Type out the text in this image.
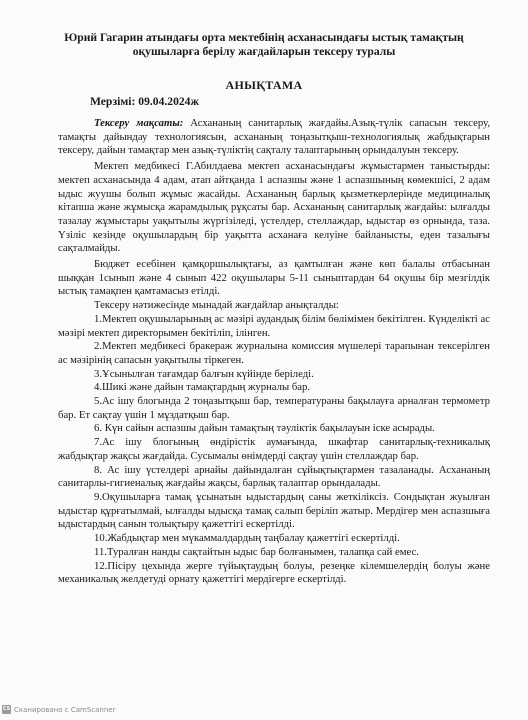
Юрий Гагарин атындағы орта мектебінің асханасындағы ыстық тамақтың оқушыларға берілу жағдайларын тексеру туралы
АНЫҚТАМА
Мерзімі: 09.04.2024ж

Тексеру мақсаты: Асхананың санитарлық жағдайы.Азық-түлік сапасын тексеру, тамақты дайындау технологиясын, асхананың тоңазытқыш-технологиялық жабдықтарын тексеру, дайын тамақтар мен азық-түліктің сақталу талаптарының орындалуын тексеру.

Мектеп медбикесі Г.Абилдаева мектеп асханасындағы жұмыстармен таныстырды: мектеп асханасында 4 адам, атап айтқанда 1 аспазшы және 1 аспазшының көмекшісі, 2 адам ыдыс жуушы болып жұмыс жасайды. Асхананың барлық қызметкерлерінде медициналық кітапша және жұмысқа жарамдылық рұқсаты бар. Асхананың санитарлық жағдайы: ылғалды тазалау жұмыстары уақытылы жүргізіледі, үстелдер, стеллаждар, ыдыстар өз орнында, таза. Үзіліс кезінде оқушылардың бір уақытта асханаға келуіне байланысты, еден тазалығы сақталмайды.

Бюджет есебінен қамқоршылықтағы, аз қамтылған және көп балалы отбасынан шыққан 1сынып және 4 сынып 422 оқушылары 5-11 сыныптардан 64 оқушы бір мезгілдік ыстық тамақпен қамтамасыз етілді.

Тексеру нәтижесінде мынадай жағдайлар анықталды:

1.Мектеп оқушыларының ас мәзірі аудандық білім бөлімімен бекітілген. Күнделікті ас мәзірі мектеп директорымен бекітіліп, ілінген.

2.Мектеп медбикесі бракераж журналына комиссия мүшелері тарапынан тексерілген ас мәзірінің сапасын уақытылы тіркеген.

3.Ұсынылған тағамдар балғын күйінде беріледі.

4.Шикі және дайын тамақтардың журналы бар.

5.Ас ішу блогында 2 тоңазытқыш бар, температураны бақылауға арналған термометр бар. Ет сақтау үшін 1 мұздатқыш бар.

6. Күн сайын аспазшы дайын тамақтың тәуліктік бақылауын іске асырады.

7.Ас ішу блогының өндірістік аумағында, шкафтар санитарлық-техникалық жабдықтар жақсы жағдайда. Сусымалы өнімдерді сақтау үшін стеллаждар бар.

8. Ас ішу үстелдері арнайы дайындалған сұйықтықтармен тазаланады. Асхананың санитарлы-гигиеналық жағдайы жақсы, барлық талаптар орындалады.

9.Оқушыларға тамақ ұсынатын ыдыстардың саны жеткіліксіз. Сондықтан жуылған ыдыстар құрғатылмай, ылғалды ыдысқа тамақ салып беріліп жатыр. Мердігер мен аспазшыға ыдыстардың санын толықтыру қажеттігі ескертілді.

10.Жабдықтар мен мүкаммалдардың таңбалау қажеттігі ескертілді.

11.Туралған нанды сақтайтын ыдыс бар болғанымен, талапқа сай емес.

12.Пісіру цехында жерге түйықтаудың болуы, резеңке кілемшелердің болуы және механикалық желдетуді орнату қажеттігі мердігерге ескертілді.

CS Сканировано с CamScanner
